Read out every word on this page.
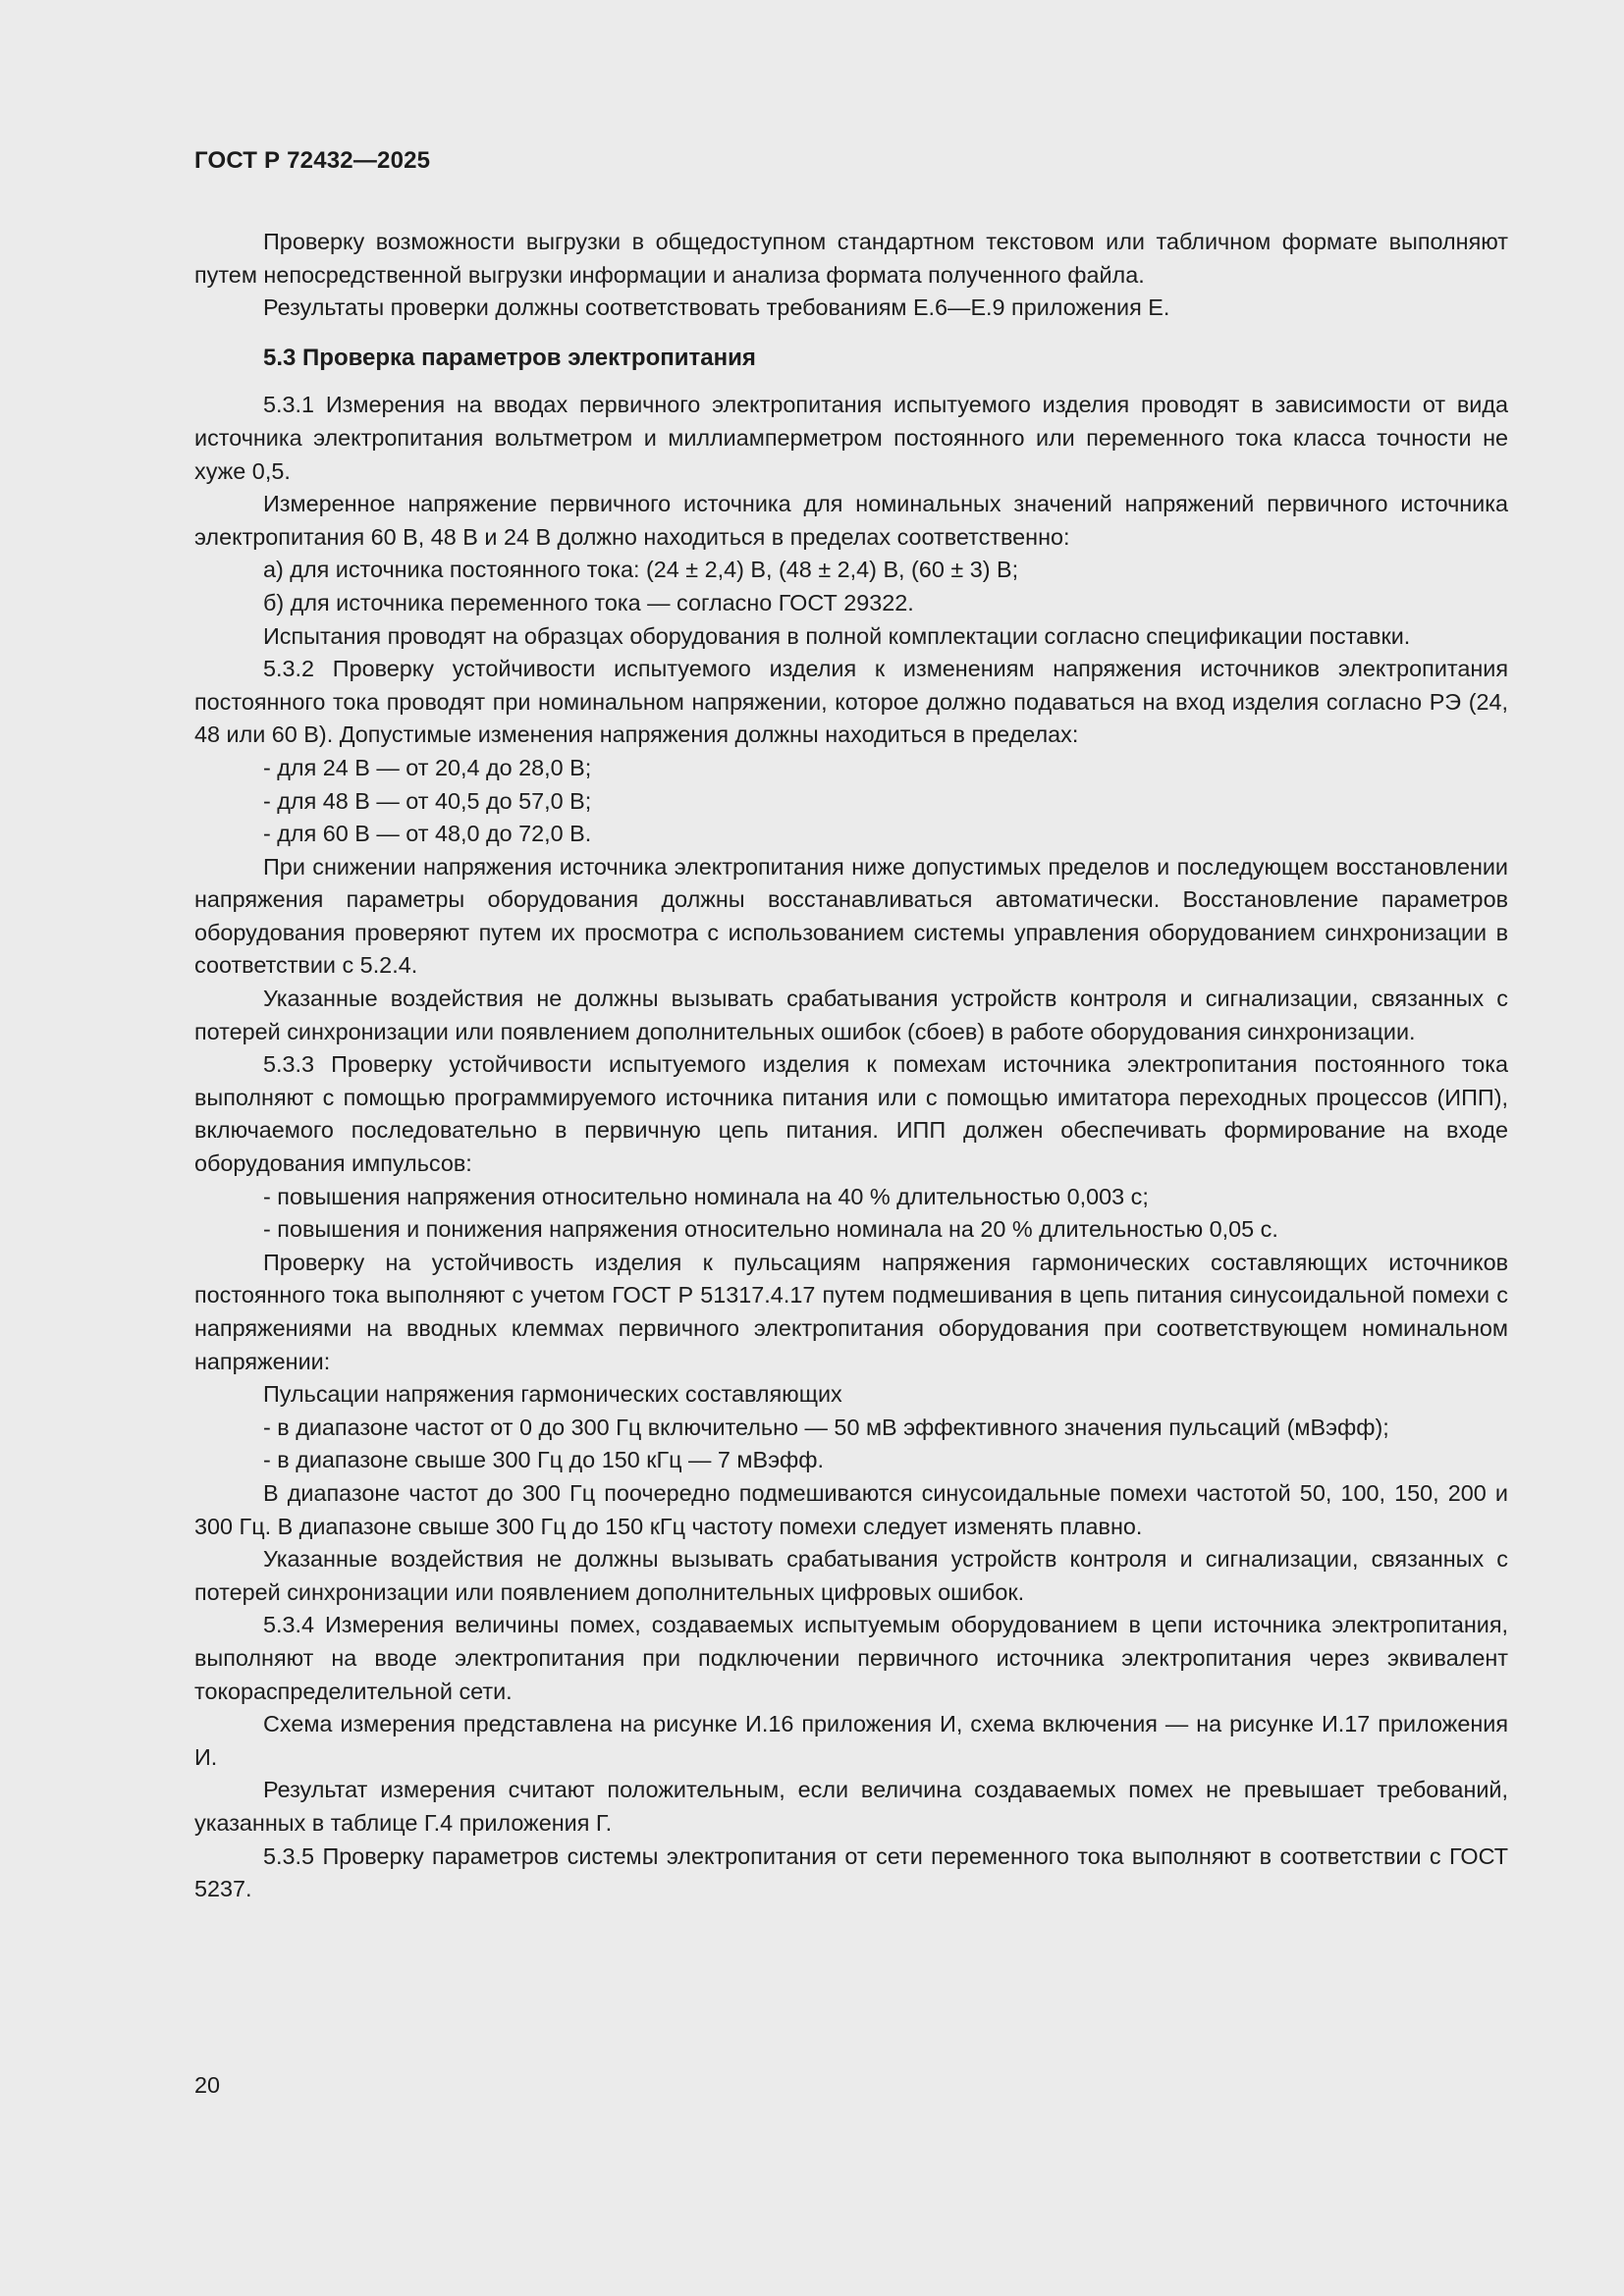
ГОСТ Р 72432—2025

Проверку возможности выгрузки в общедоступном стандартном текстовом или табличном формате выполняют путем непосредственной выгрузки информации и анализа формата полученного файла.

Результаты проверки должны соответствовать требованиям Е.6—Е.9 приложения Е.

5.3 Проверка параметров электропитания

5.3.1 Измерения на вводах первичного электропитания испытуемого изделия проводят в зависимости от вида источника электропитания вольтметром и миллиамперметром постоянного или переменного тока класса точности не хуже 0,5.

Измеренное напряжение первичного источника для номинальных значений напряжений первичного источника электропитания 60 В, 48 В и 24 В должно находиться в пределах соответственно:

а) для источника постоянного тока: (24 ± 2,4) В, (48 ± 2,4) В, (60 ± 3) В;

б) для источника переменного тока — согласно ГОСТ 29322.

Испытания проводят на образцах оборудования в полной комплектации согласно спецификации поставки.

5.3.2 Проверку устойчивости испытуемого изделия к изменениям напряжения источников электропитания постоянного тока проводят при номинальном напряжении, которое должно подаваться на вход изделия согласно РЭ (24, 48 или 60 В). Допустимые изменения напряжения должны находиться в пределах:

- для 24 В — от 20,4 до 28,0 В;

- для 48 В — от 40,5 до 57,0 В;

- для 60 В — от 48,0 до 72,0 В.

При снижении напряжения источника электропитания ниже допустимых пределов и последующем восстановлении напряжения параметры оборудования должны восстанавливаться автоматически. Восстановление параметров оборудования проверяют путем их просмотра с использованием системы управления оборудованием синхронизации в соответствии с 5.2.4.

Указанные воздействия не должны вызывать срабатывания устройств контроля и сигнализации, связанных с потерей синхронизации или появлением дополнительных ошибок (сбоев) в работе оборудования синхронизации.

5.3.3 Проверку устойчивости испытуемого изделия к помехам источника электропитания постоянного тока выполняют с помощью программируемого источника питания или с помощью имитатора переходных процессов (ИПП), включаемого последовательно в первичную цепь питания. ИПП должен обеспечивать формирование на входе оборудования импульсов:

- повышения напряжения относительно номинала на 40 % длительностью 0,003 с;

- повышения и понижения напряжения относительно номинала на 20 % длительностью 0,05 с.

Проверку на устойчивость изделия к пульсациям напряжения гармонических составляющих источников постоянного тока выполняют с учетом ГОСТ Р 51317.4.17 путем подмешивания в цепь питания синусоидальной помехи с напряжениями на вводных клеммах первичного электропитания оборудования при соответствующем номинальном напряжении:

Пульсации напряжения гармонических составляющих

- в диапазоне частот от 0 до 300 Гц включительно — 50 мВ эффективного значения пульсаций (мВэфф);

- в диапазоне свыше 300 Гц до 150 кГц — 7 мВэфф.

В диапазоне частот до 300 Гц поочередно подмешиваются синусоидальные помехи частотой 50, 100, 150, 200 и 300 Гц. В диапазоне свыше 300 Гц до 150 кГц частоту помехи следует изменять плавно.

Указанные воздействия не должны вызывать срабатывания устройств контроля и сигнализации, связанных с потерей синхронизации или появлением дополнительных цифровых ошибок.

5.3.4 Измерения величины помех, создаваемых испытуемым оборудованием в цепи источника электропитания, выполняют на вводе электропитания при подключении первичного источника электропитания через эквивалент токораспределительной сети.

Схема измерения представлена на рисунке И.16 приложения И, схема включения — на рисунке И.17 приложения И.

Результат измерения считают положительным, если величина создаваемых помех не превышает требований, указанных в таблице Г.4 приложения Г.

5.3.5 Проверку параметров системы электропитания от сети переменного тока выполняют в соответствии с ГОСТ 5237.

20
